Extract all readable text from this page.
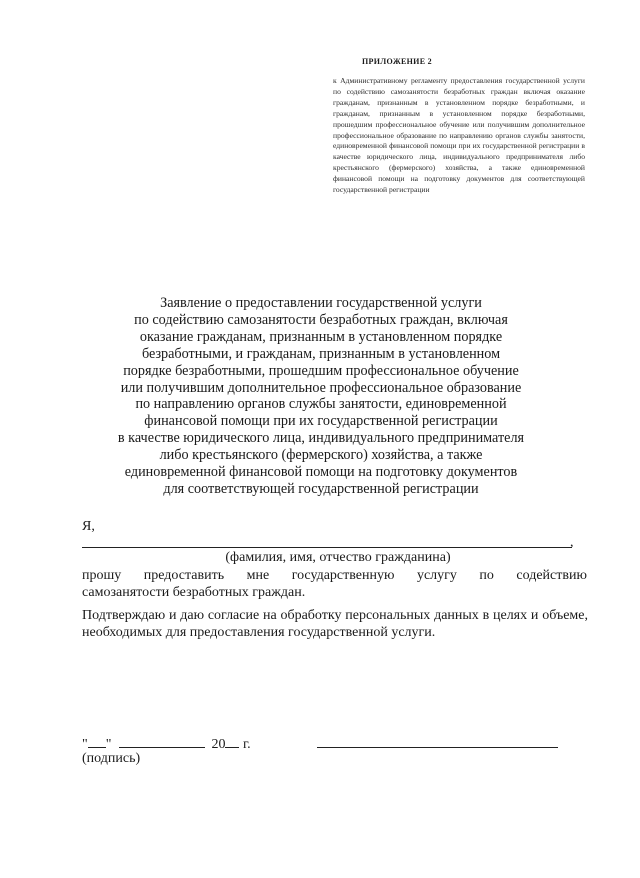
ПРИЛОЖЕНИЕ 2
к Административному регламенту предоставления государственной услуги по содействию самозанятости безработных граждан включая оказание гражданам, признанным в установленном порядке безработными, и гражданам, признанным в установленном порядке безработными, прошедшим профессиональное обучение или получившим дополнительное профессиональное образование по направлению органов службы занятости, единовременной финансовой помощи при их государственной регистрации в качестве юридического лица, индивидуального предпринимателя либо крестьянского (фермерского) хозяйства, а также единовременной финансовой помощи на подготовку документов для соответствующей государственной регистрации
Заявление о предоставлении государственной услуги
по содействию самозанятости безработных граждан, включая
оказание гражданам, признанным в установленном порядке
безработными, и гражданам, признанным в установленном
порядке безработными, прошедшим профессиональное обучение
или получившим дополнительное профессиональное образование
по направлению органов службы занятости, единовременной
финансовой помощи при их государственной регистрации
в качестве юридического лица, индивидуального предпринимателя
либо крестьянского (фермерского) хозяйства, а также
единовременной финансовой помощи на подготовку документов
для соответствующей государственной регистрации
Я,
,
(фамилия, имя, отчество гражданина)
прошу предоставить мне государственную услугу по содействию
самозанятости безработных граждан.
Подтверждаю и даю согласие на обработку персональных данных в целях и объеме, необходимых для предоставления государственной услуги.
" "	20 г.
(подпись)
